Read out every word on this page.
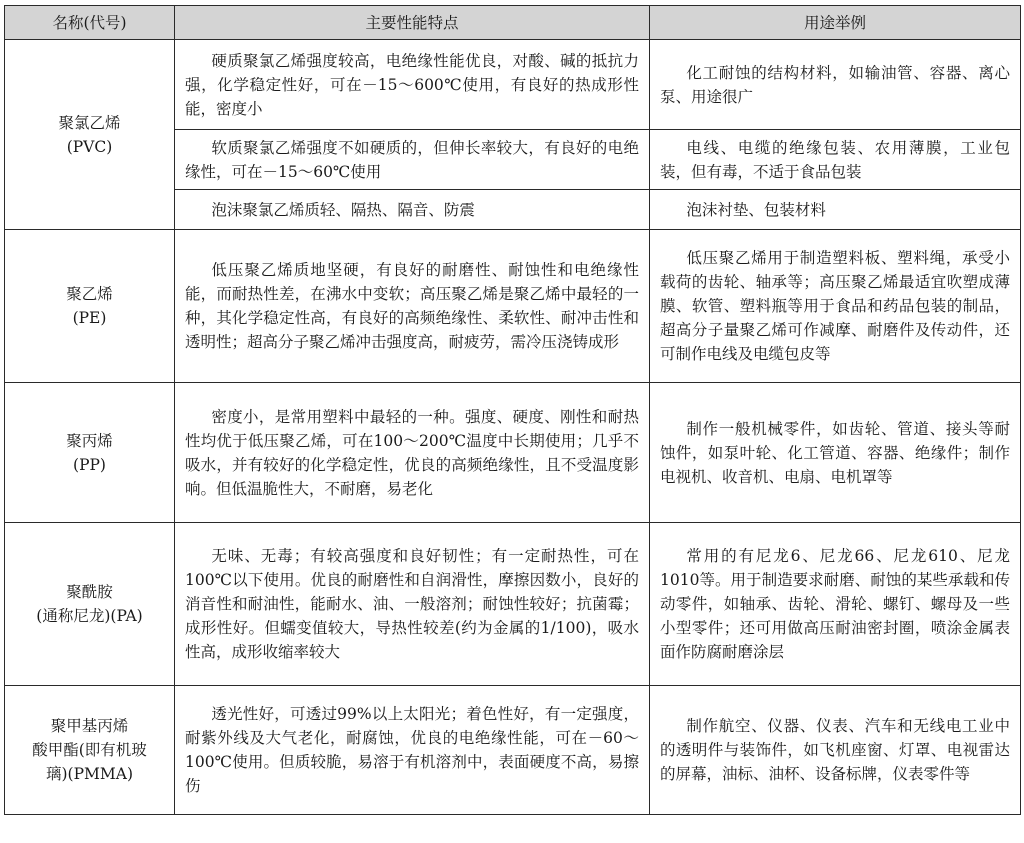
名称(代号)	主要性能特点	用途举例

聚氯乙烯
(PVC)	硬质聚氯乙烯强度较高，电绝缘性能优良，对酸、碱的抵抗力强，化学稳定性好，可在－15～600℃使用，有良好的热成形性能，密度小	化工耐蚀的结构材料，如输油管、容器、离心泵、用途很广
	软质聚氯乙烯强度不如硬质的，但伸长率较大，有良好的电绝缘性，可在－15～60℃使用	电线、电缆的绝缘包装、农用薄膜，工业包装，但有毒，不适于食品包装
	泡沫聚氯乙烯质轻、隔热、隔音、防震	泡沫衬垫、包装材料

聚乙烯
(PE)	低压聚乙烯质地坚硬，有良好的耐磨性、耐蚀性和电绝缘性能，而耐热性差，在沸水中变软；高压聚乙烯是聚乙烯中最轻的一种，其化学稳定性高，有良好的高频绝缘性、柔软性、耐冲击性和透明性；超高分子聚乙烯冲击强度高，耐疲劳，需冷压浇铸成形	低压聚乙烯用于制造塑料板、塑料绳，承受小载荷的齿轮、轴承等；高压聚乙烯最适宜吹塑成薄膜、软管、塑料瓶等用于食品和药品包装的制品，超高分子量聚乙烯可作减摩、耐磨件及传动件，还可制作电线及电缆包皮等

聚丙烯
(PP)	密度小，是常用塑料中最轻的一种。强度、硬度、刚性和耐热性均优于低压聚乙烯，可在100～200℃温度中长期使用；几乎不吸水，并有较好的化学稳定性，优良的高频绝缘性，且不受温度影响。但低温脆性大，不耐磨，易老化	制作一般机械零件，如齿轮、管道、接头等耐蚀件，如泵叶轮、化工管道、容器、绝缘件；制作电视机、收音机、电扇、电机罩等

聚酰胺
(通称尼龙)(PA)	无味、无毒；有较高强度和良好韧性；有一定耐热性，可在100℃以下使用。优良的耐磨性和自润滑性，摩擦因数小，良好的消音性和耐油性，能耐水、油、一般溶剂；耐蚀性较好；抗菌霉；成形性好。但蠕变值较大，导热性较差(约为金属的1/100)，吸水性高，成形收缩率较大	常用的有尼龙6、尼龙66、尼龙610、尼龙1010等。用于制造要求耐磨、耐蚀的某些承载和传动零件，如轴承、齿轮、滑轮、螺钉、螺母及一些小型零件；还可用做高压耐油密封圈，喷涂金属表面作防腐耐磨涂层

聚甲基丙烯
酸甲酯(即有机玻
璃)(PMMA)	透光性好，可透过99%以上太阳光；着色性好，有一定强度，耐紫外线及大气老化，耐腐蚀，优良的电绝缘性能，可在－60～100℃使用。但质较脆，易溶于有机溶剂中，表面硬度不高，易擦伤	制作航空、仪器、仪表、汽车和无线电工业中的透明件与装饰件，如飞机座窗、灯罩、电视雷达的屏幕，油标、油杯、设备标牌，仪表零件等
